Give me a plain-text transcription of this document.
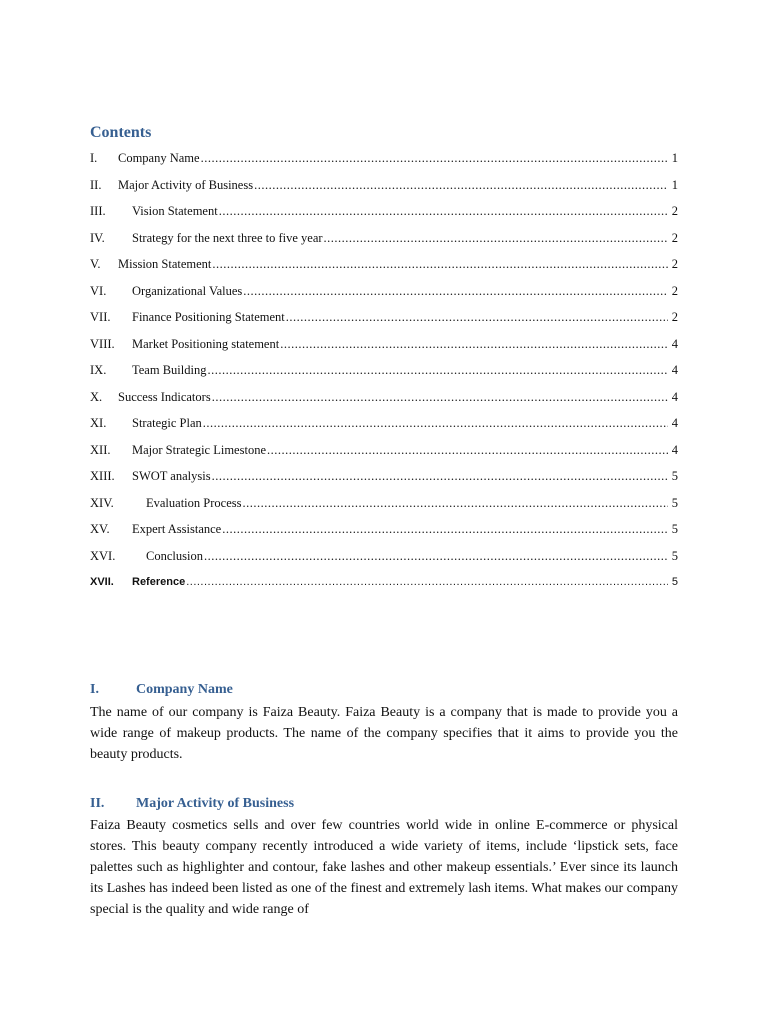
Contents
I.	Company Name .....	1
II.	Major Activity of Business .....	1
III.	Vision Statement .....	2
IV.	Strategy for the next three to five year .....	2
V.	Mission Statement .....	2
VI.	Organizational Values .....	2
VII.	Finance Positioning Statement .....	2
VIII.	Market Positioning statement .....	4
IX.	Team Building .....	4
X.	Success Indicators .....	4
XI.	Strategic Plan .....	4
XII.	Major Strategic Limestone .....	4
XIII.	SWOT analysis .....	5
XIV.	Evaluation Process .....	5
XV.	Expert Assistance .....	5
XVI.	Conclusion .....	5
XVII.	Reference .....	5
I.	Company Name

The name of our company is Faiza Beauty. Faiza Beauty is a company that is made to provide you a wide range of makeup products. The name of the company specifies that it aims to provide you the beauty products.

II.	Major Activity of Business

Faiza Beauty cosmetics sells and over few countries world wide in online E-commerce or physical stores. This beauty company recently introduced a wide variety of items, include ‘lipstick sets, face palettes such as highlighter and contour, fake lashes and other makeup essentials.’ Ever since its launch its Lashes has indeed been listed as one of the finest and extremely lash items. What makes our company special is the quality and wide range of
